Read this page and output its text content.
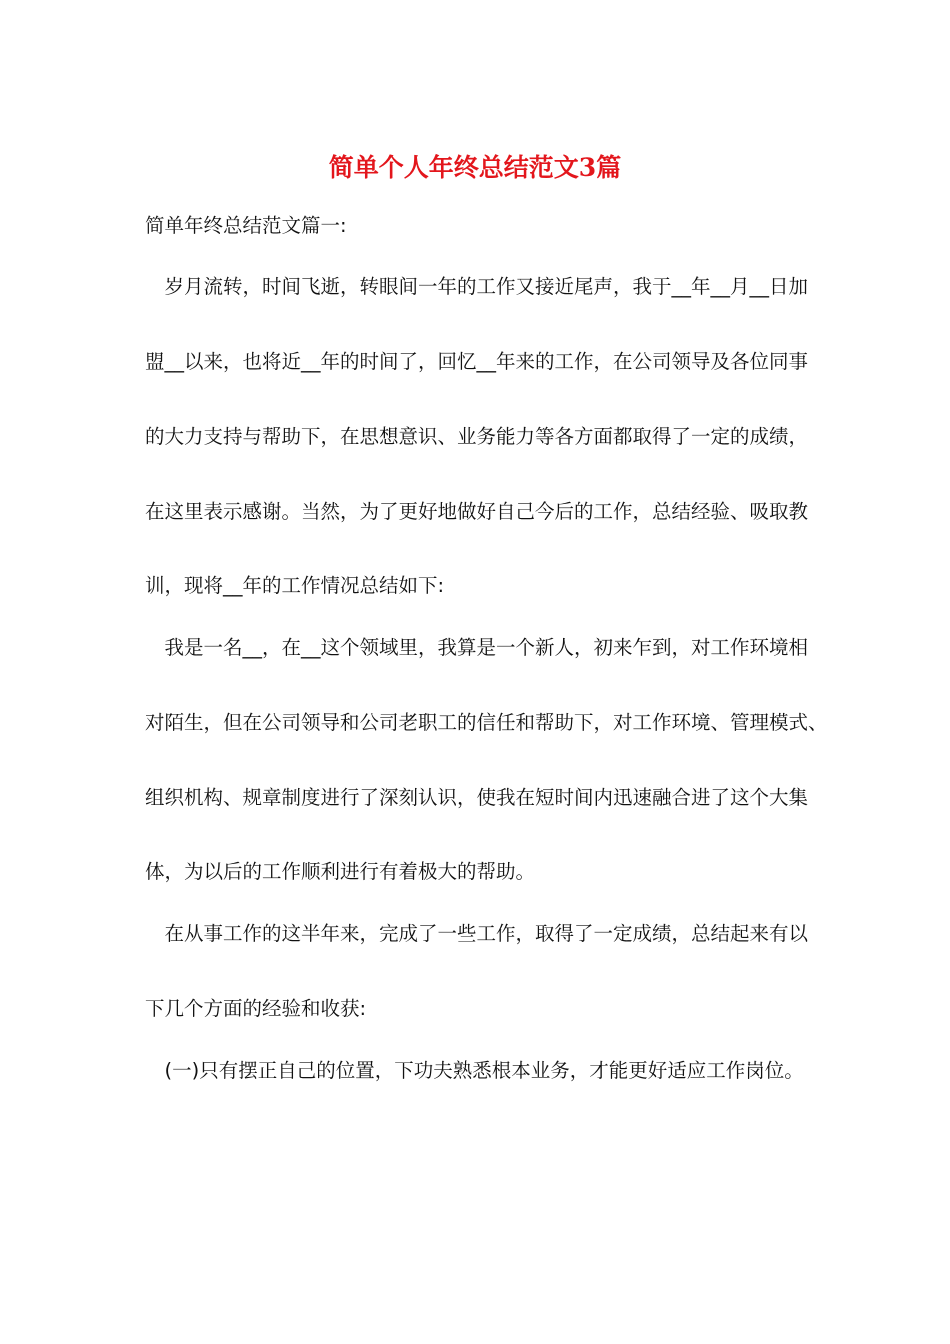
简单个人年终总结范文3篇
简单年终总结范文篇一:
　岁月流转，时间飞逝，转眼间一年的工作又接近尾声，我于__年__月__日加
盟__以来，也将近__年的时间了，回忆__年来的工作，在公司领导及各位同事
的大力支持与帮助下，在思想意识、业务能力等各方面都取得了一定的成绩，
在这里表示感谢。当然，为了更好地做好自己今后的工作，总结经验、吸取教
训，现将__年的工作情况总结如下:
　我是一名__，在__这个领域里，我算是一个新人，初来乍到，对工作环境相
对陌生，但在公司领导和公司老职工的信任和帮助下，对工作环境、管理模式、
组织机构、规章制度进行了深刻认识，使我在短时间内迅速融合进了这个大集
体，为以后的工作顺利进行有着极大的帮助。
　在从事工作的这半年来，完成了一些工作，取得了一定成绩，总结起来有以
下几个方面的经验和收获:
　(一)只有摆正自己的位置，下功夫熟悉根本业务，才能更好适应工作岗位。
